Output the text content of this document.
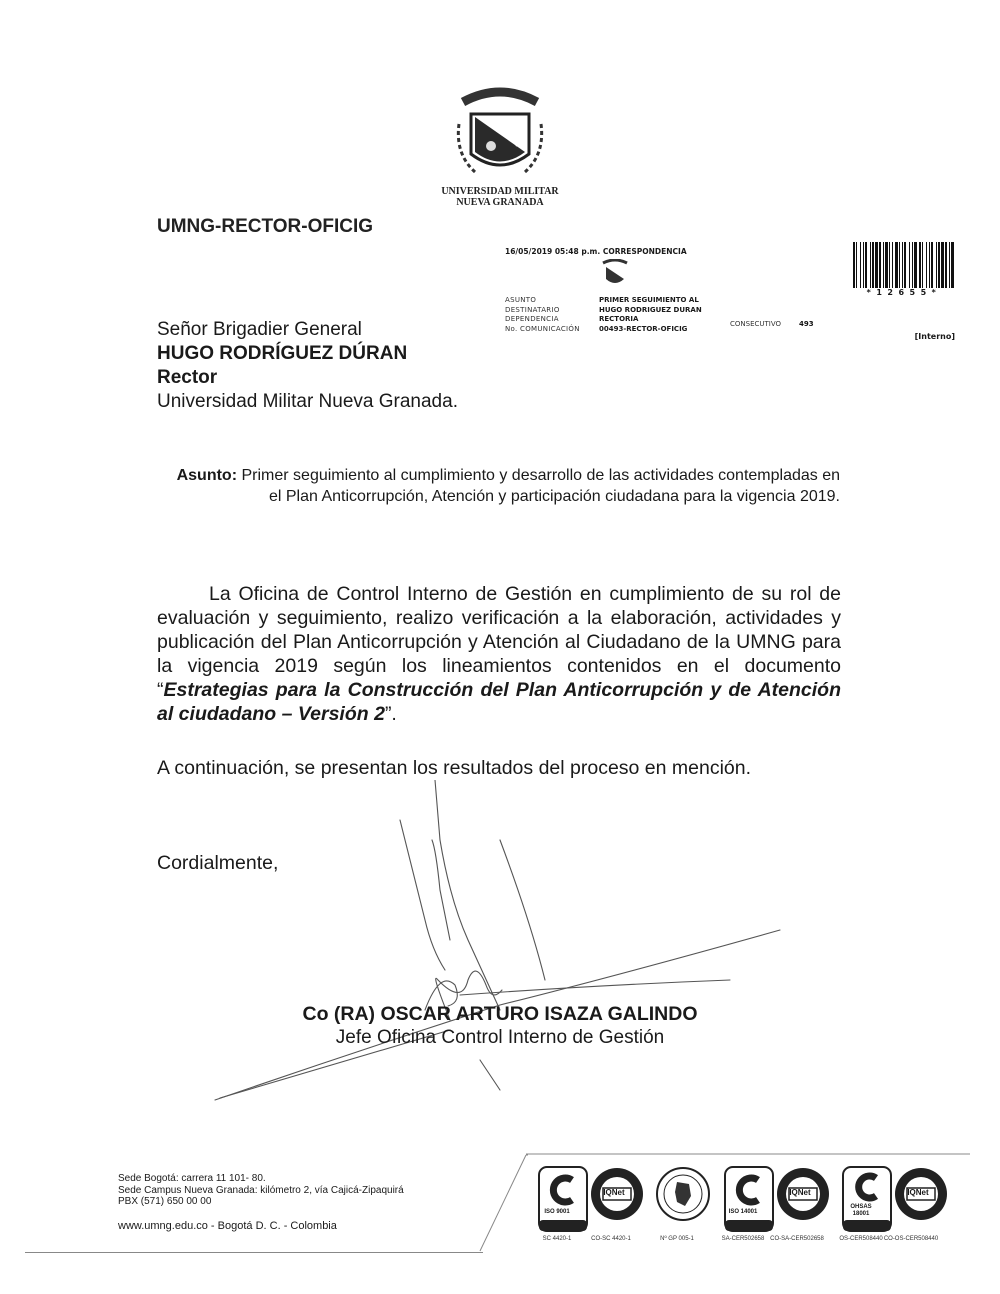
UNIVERSIDAD MILITAR
NUEVA GRANADA
UMNG-RECTOR-OFICIG
16/05/2019 05:48 p.m. CORRESPONDENCIA
ASUNTO	PRIMER SEGUIMIENTO AL
DESTINATARIO	HUGO RODRIGUEZ DURAN
DEPENDENCIA	RECTORIA
No. COMUNICACIÓN	00493-RECTOR-OFICIG
CONSECUTIVO	493
[Interno]
*12655*
Señor Brigadier General
HUGO RODRÍGUEZ DÚRAN
Rector
Universidad Militar Nueva Granada.
Asunto: Primer seguimiento al cumplimiento y desarrollo de las actividades contempladas en el Plan Anticorrupción, Atención y participación ciudadana para la vigencia 2019.
La Oficina de Control Interno de Gestión en cumplimiento de su rol de evaluación y seguimiento, realizo verificación a la elaboración, actividades y publicación del Plan Anticorrupción y Atención al Ciudadano de la UMNG para la vigencia 2019 según los lineamientos contenidos en el documento “Estrategias para la Construcción del Plan Anticorrupción y de Atención al ciudadano – Versión 2”.
A continuación, se presentan los resultados del proceso en mención.
Cordialmente,
Co (RA) OSCAR ARTURO ISAZA GALINDO
Jefe Oficina Control Interno de Gestión
Sede Bogotá: carrera 11 101- 80.
Sede Campus Nueva Granada: kilómetro 2, vía Cajicá-Zipaquirá
PBX (571) 650 00 00
www.umng.edu.co - Bogotá D. C. - Colombia
ISO 9001
SC 4420-1
IQNet
CO-SC 4420-1	Nº GP 005-1
ISO 14001
SA-CER502658
IQNet
CO-SA-CER502658
OHSAS 18001
OS-CER508440
IQNet
CO-OS-CER508440
